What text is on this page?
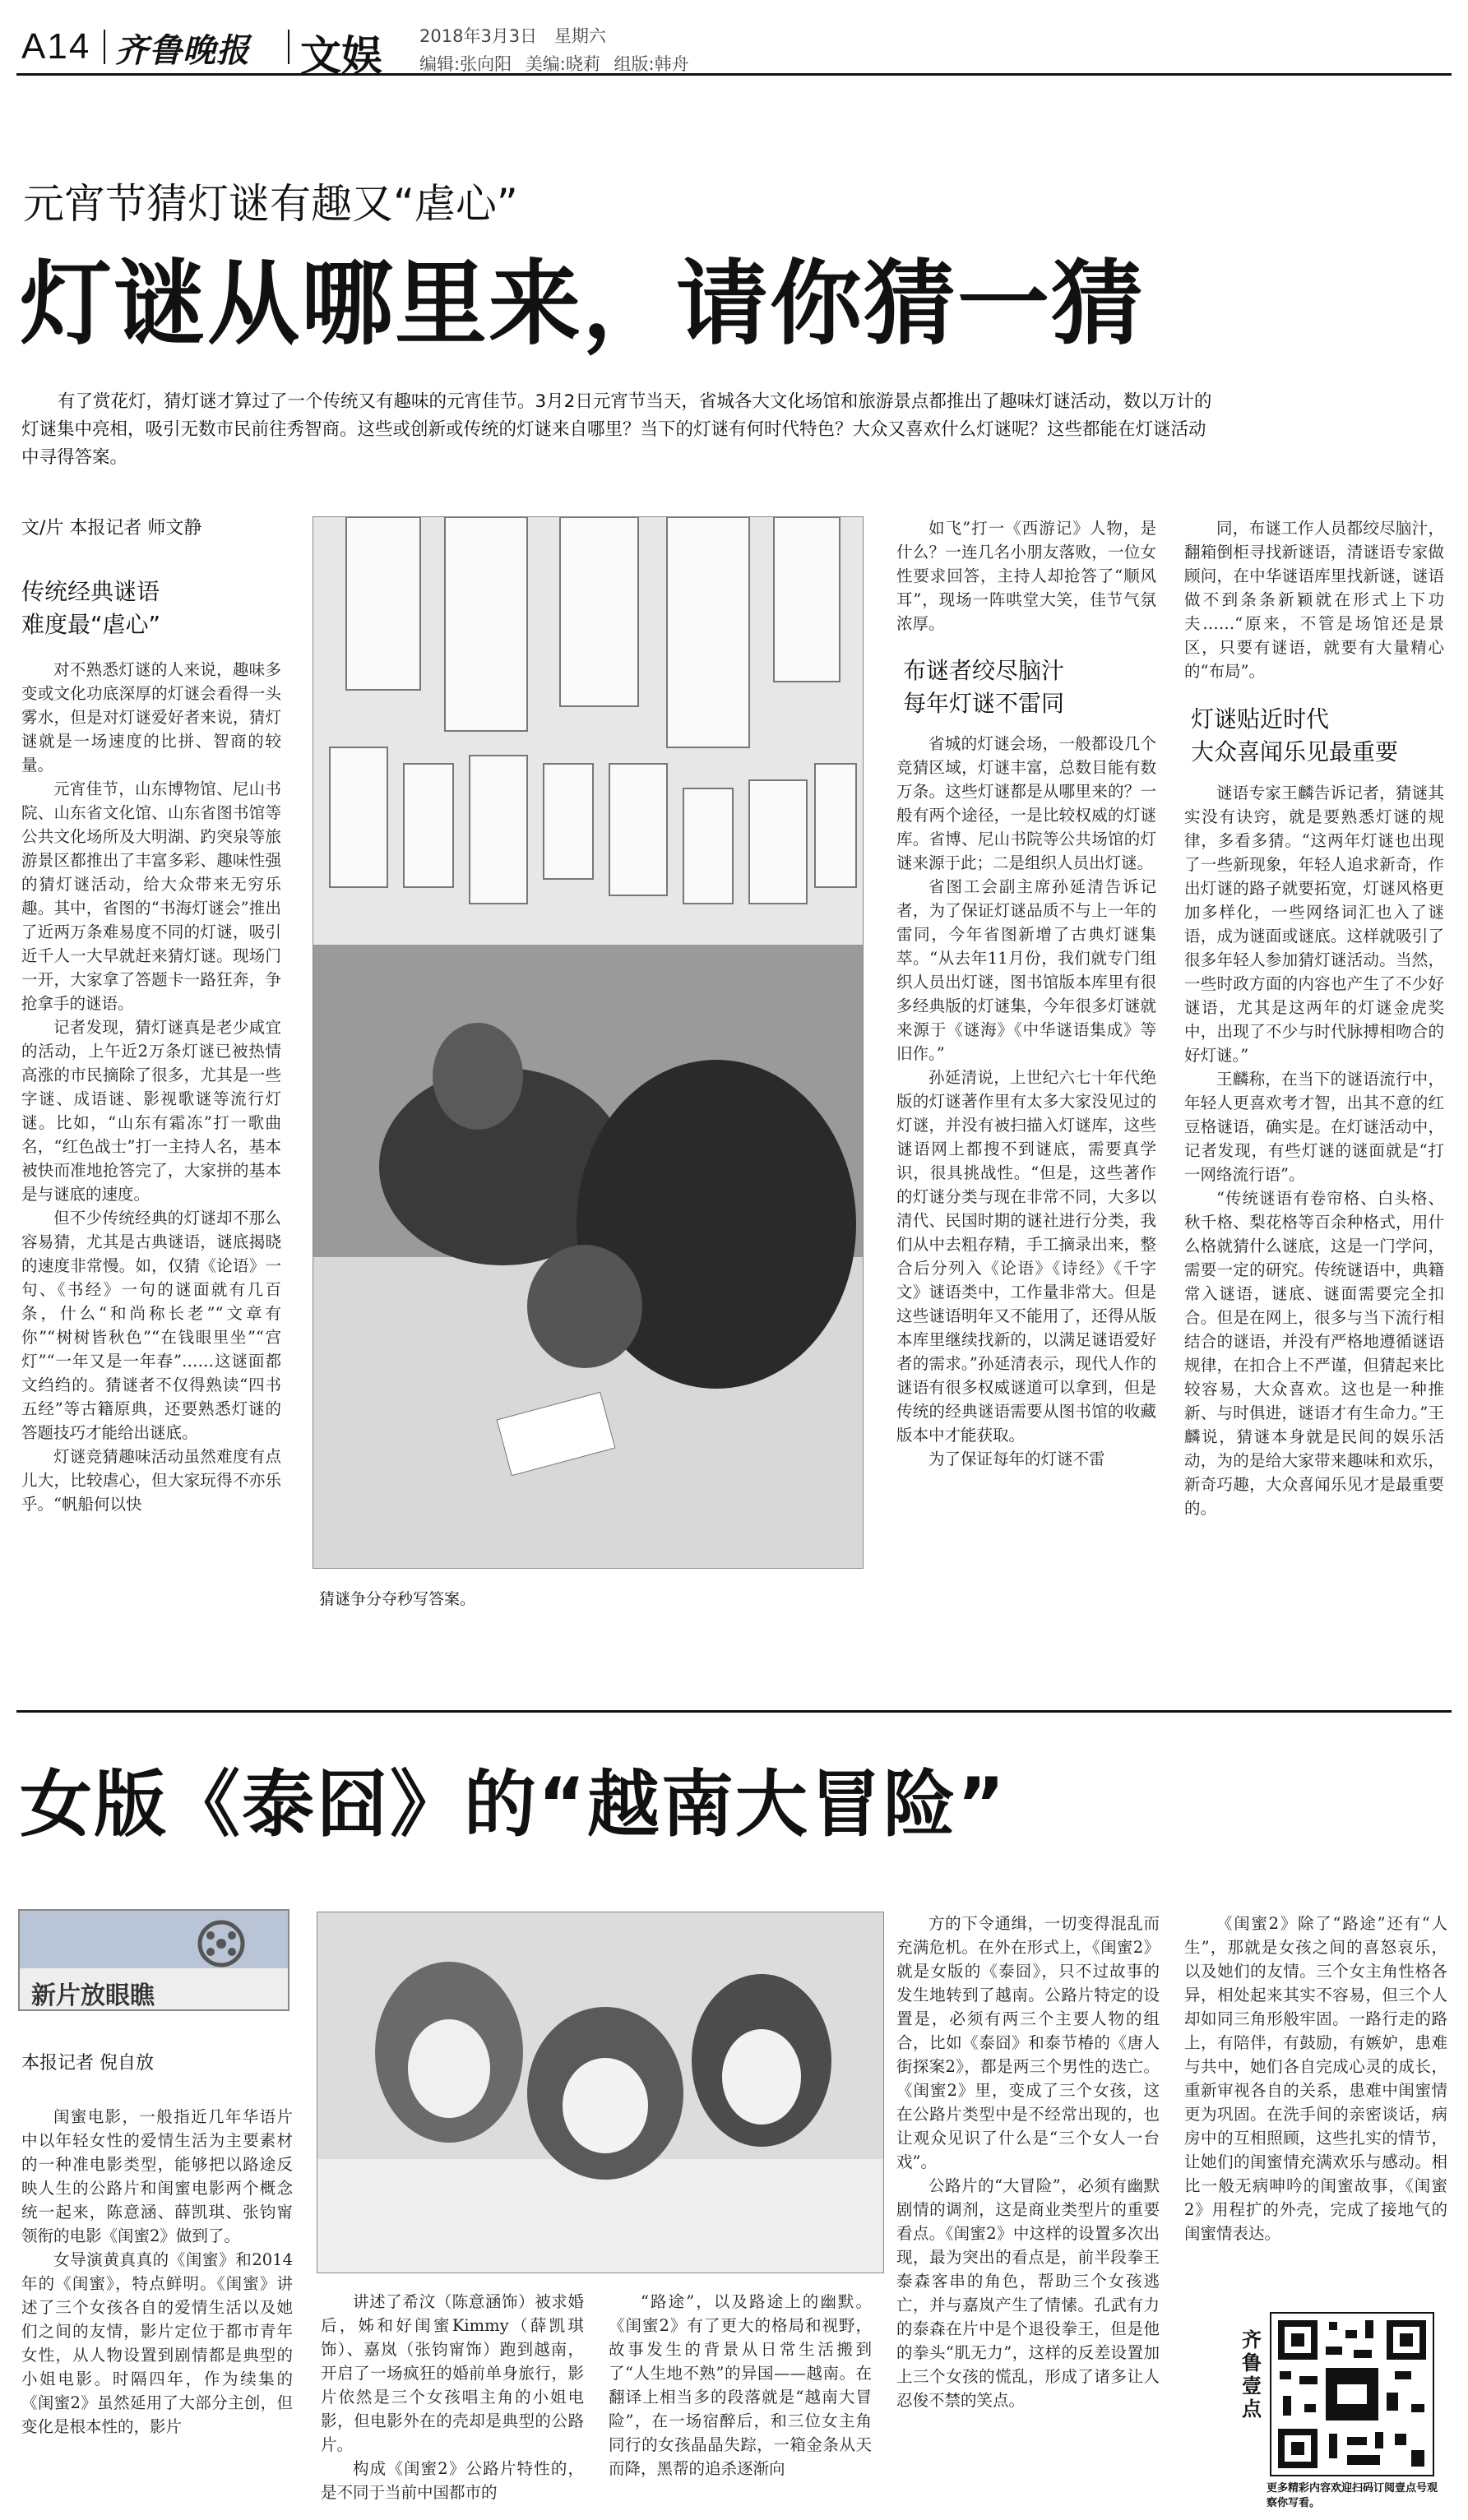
A14 齐鲁晚报 文娱 2018年3月3日 星期六
编辑:张向阳 美编:晓莉 组版:韩舟
元宵节猜灯谜有趣又“虐心”
灯谜从哪里来，请你猜一猜

有了赏花灯，猜灯谜才算过了一个传统又有趣味的元宵佳节。3月2日元宵节当天，省城各大文化场馆和旅游景点都推出了趣味灯谜活动，数以万计的灯谜集中亮相，吸引无数市民前往秀智商。这些或创新或传统的灯谜来自哪里？当下的灯谜有何时代特色？大众又喜欢什么灯谜呢？这些都能在灯谜活动中寻得答案。

文/片 本报记者 师文静
传统经典谜语
难度最“虐心”

对不熟悉灯谜的人来说，趣味多变或文化功底深厚的灯谜会看得一头雾水，但是对灯谜爱好者来说，猜灯谜就是一场速度的比拼、智商的较量。

元宵佳节，山东博物馆、尼山书院、山东省文化馆、山东省图书馆等公共文化场所及大明湖、趵突泉等旅游景区都推出了丰富多彩、趣味性强的猜灯谜活动，给大众带来无穷乐趣。其中，省图的“书海灯谜会”推出了近两万条难易度不同的灯谜，吸引近千人一大早就赶来猜灯谜。现场门一开，大家拿了答题卡一路狂奔，争抢拿手的谜语。

记者发现，猜灯谜真是老少咸宜的活动，上午近2万条灯谜已被热情高涨的市民摘除了很多，尤其是一些字谜、成语谜、影视歌谜等流行灯谜。比如，“山东有霜冻”打一歌曲名，“红色战士”打一主持人名，基本被快而准地抢答完了，大家拼的基本是与谜底的速度。

但不少传统经典的灯谜却不那么容易猜，尤其是古典谜语，谜底揭晓的速度非常慢。如，仅猜《论语》一句、《书经》一句的谜面就有几百条，什么“和尚称长老”“文章有你”“树树皆秋色”“在钱眼里坐”“宫灯”“一年又是一年春”……这谜面都文绉绉的。猜谜者不仅得熟读“四书五经”等古籍原典，还要熟悉灯谜的答题技巧才能给出谜底。

灯谜竞猜趣味活动虽然难度有点儿大，比较虐心，但大家玩得不亦乐乎。“帆船何以快

猜谜争分夺秒写答案。

如飞”打一《西游记》人物，是什么？一连几名小朋友落败，一位女性要求回答，主持人却抢答了“顺风耳”，现场一阵哄堂大笑，佳节气氛浓厚。

布谜者绞尽脑汁
每年灯谜不雷同

省城的灯谜会场，一般都设几个竞猜区域，灯谜丰富，总数目能有数万条。这些灯谜都是从哪里来的？一般有两个途径，一是比较权威的灯谜库。省博、尼山书院等公共场馆的灯谜来源于此；二是组织人员出灯谜。

省图工会副主席孙延清告诉记者，为了保证灯谜品质不与上一年的雷同，今年省图新增了古典灯谜集萃。“从去年11月份，我们就专门组织人员出灯谜，图书馆版本库里有很多经典版的灯谜集，今年很多灯谜就来源于《谜海》《中华谜语集成》等旧作。”

孙延清说，上世纪六七十年代绝版的灯谜著作里有太多大家没见过的灯谜，并没有被扫描入灯谜库，这些谜语网上都搜不到谜底，需要真学识，很具挑战性。“但是，这些著作的灯谜分类与现在非常不同，大多以清代、民国时期的谜社进行分类，我们从中去粗存精，手工摘录出来，整合后分列入《论语》《诗经》《千字文》谜语类中，工作量非常大。但是这些谜语明年又不能用了，还得从版本库里继续找新的，以满足谜语爱好者的需求。”孙延清表示，现代人作的谜语有很多权威谜道可以拿到，但是传统的经典谜语需要从图书馆的收藏版本中才能获取。

为了保证每年的灯谜不雷

同，布谜工作人员都绞尽脑汁，翻箱倒柜寻找新谜语，清谜语专家做顾问，在中华谜语库里找新谜，谜语做不到条条新颖就在形式上下功夫……“原来，不管是场馆还是景区，只要有谜语，就要有大量精心的“布局”。

灯谜贴近时代
大众喜闻乐见最重要

谜语专家王麟告诉记者，猜谜其实没有诀窍，就是要熟悉灯谜的规律，多看多猜。“这两年灯谜也出现了一些新现象，年轻人追求新奇，作出灯谜的路子就要拓宽，灯谜风格更加多样化，一些网络词汇也入了谜语，成为谜面或谜底。这样就吸引了很多年轻人参加猜灯谜活动。当然，一些时政方面的内容也产生了不少好谜语，尤其是这两年的灯谜金虎奖中，出现了不少与时代脉搏相吻合的好灯谜。”

王麟称，在当下的谜语流行中，年轻人更喜欢考才智，出其不意的红豆格谜语，确实是。在灯谜活动中，记者发现，有些灯谜的谜面就是“打一网络流行语”。

“传统谜语有卷帘格、白头格、秋千格、梨花格等百余种格式，用什么格就猜什么谜底，这是一门学问，需要一定的研究。传统谜语中，典籍常入谜语，谜底、谜面需要完全扣合。但是在网上，很多与当下流行相结合的谜语，并没有严格地遵循谜语规律，在扣合上不严谨，但猜起来比较容易，大众喜欢。这也是一种推新、与时俱进，谜语才有生命力。”王麟说，猜谜本身就是民间的娱乐活动，为的是给大家带来趣味和欢乐，新奇巧趣，大众喜闻乐见才是最重要的。

女版《泰囧》的“越南大冒险”
新片放眼瞧
本报记者 倪自放

闺蜜电影，一般指近几年华语片中以年轻女性的爱情生活为主要素材的一种准电影类型，能够把以路途反映人生的公路片和闺蜜电影两个概念统一起来，陈意涵、薛凯琪、张钧甯领衔的电影《闺蜜2》做到了。

女导演黄真真的《闺蜜》和2014年的《闺蜜》，特点鲜明。《闺蜜》讲述了三个女孩各自的爱情生活以及她们之间的友情，影片定位于都市青年女性，从人物设置到剧情都是典型的小姐电影。时隔四年，作为续集的《闺蜜2》虽然延用了大部分主创，但变化是根本性的，影片

讲述了希汶（陈意涵饰）被求婚后，姊和好闺蜜Kimmy（薛凯琪饰）、嘉岚（张钧甯饰）跑到越南，开启了一场疯狂的婚前单身旅行，影片依然是三个女孩唱主角的小姐电影，但电影外在的壳却是典型的公路片。

构成《闺蜜2》公路片特性的，是不同于当前中国都市的

“路途”，以及路途上的幽默。《闺蜜2》有了更大的格局和视野，故事发生的背景从日常生活搬到了“人生地不熟”的异国——越南。在翻译上相当多的段落就是“越南大冒险”，在一场宿醉后，和三位女主角同行的女孩晶晶失踪，一箱金条从天而降，黑帮的追杀逐渐向

方的下令通缉，一切变得混乱而充满危机。在外在形式上，《闺蜜2》就是女版的《泰囧》，只不过故事的发生地转到了越南。公路片特定的设置是，必须有两三个主要人物的组合，比如《泰囧》和泰节椿的《唐人街探案2》，都是两三个男性的迭亡。《闺蜜2》里，变成了三个女孩，这在公路片类型中是不经常出现的，也让观众见识了什么是“三个女人一台戏”。

公路片的“大冒险”，必须有幽默剧情的调剂，这是商业类型片的重要看点。《闺蜜2》中这样的设置多次出现，最为突出的看点是，前半段拳王泰森客串的角色，帮助三个女孩逃亡，并与嘉岚产生了情愫。孔武有力的泰森在片中是个退役拳王，但是他的拳头“肌无力”，这样的反差设置加上三个女孩的慌乱，形成了诸多让人忍俊不禁的笑点。

《闺蜜2》除了“路途”还有“人生”，那就是女孩之间的喜怒哀乐，以及她们的友情。三个女主角性格各异，相处起来其实不容易，但三个人却如同三角形般牢固。一路行走的路上，有陪伴，有鼓励，有嫉妒，患难与共中，她们各自完成心灵的成长，重新审视各自的关系，患难中闺蜜情更为巩固。在洗手间的亲密谈话，病房中的互相照顾，这些扎实的情节，让她们的闺蜜情充满欢乐与感动。相比一般无病呻吟的闺蜜故事，《闺蜜2》用程扩的外壳，完成了接地气的闺蜜情表达。

齐鲁壹点
更多精彩内容欢迎扫码订阅壹点号观察你写看。
